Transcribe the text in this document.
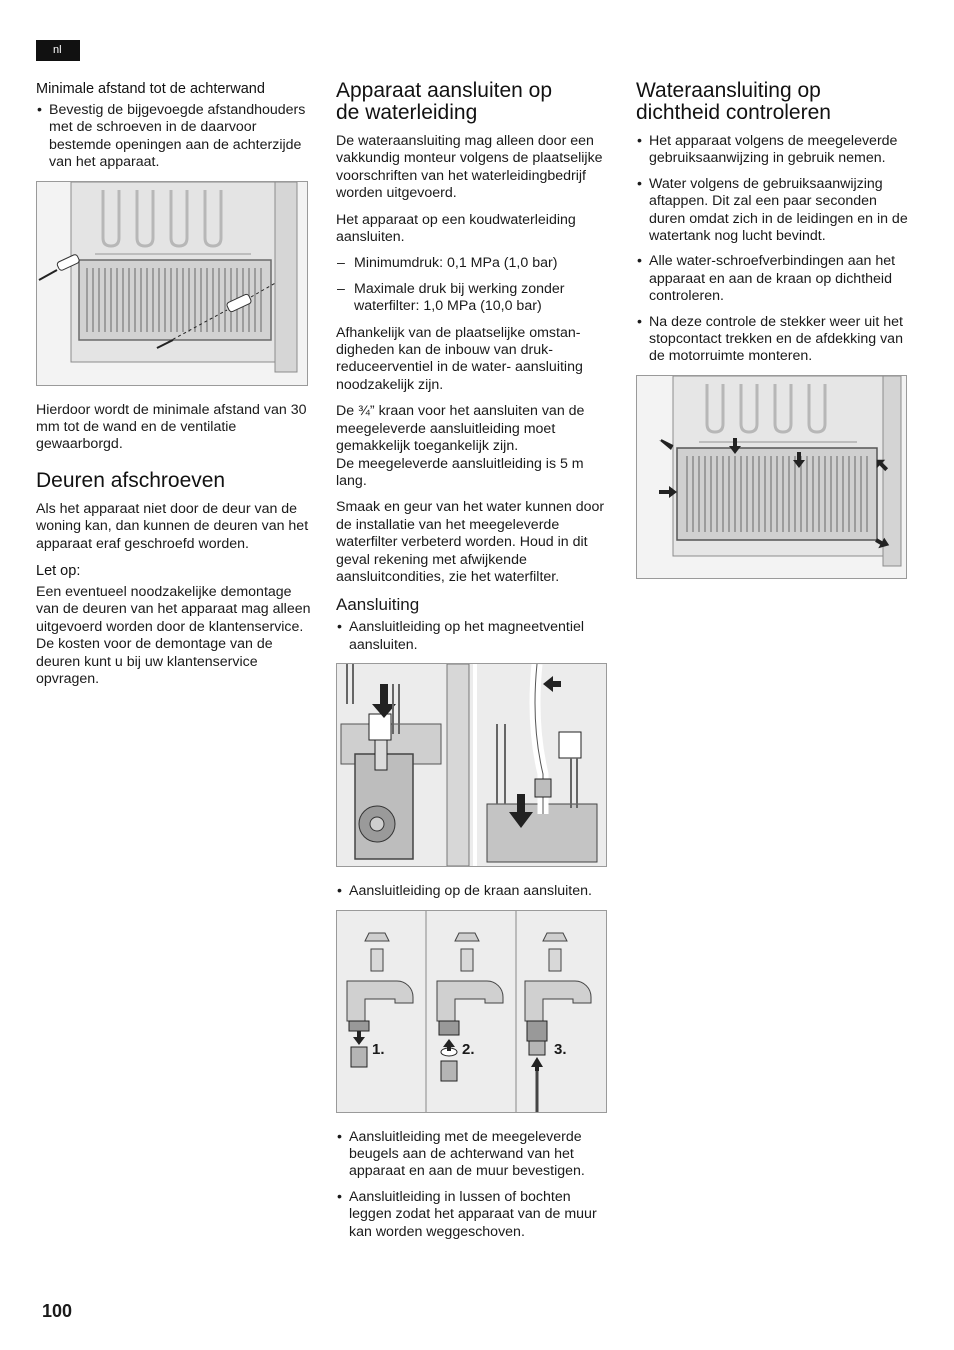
nl
Minimale afstand tot de achterwand
• Bevestig de bijgevoegde afstandhouders met de schroeven in de daarvoor bestemde openingen aan de achterzijde van het apparaat.

Hierdoor wordt de minimale afstand van 30 mm tot de wand en de ventilatie gewaarborgd.

Deuren afschroeven

Als het apparaat niet door de deur van de woning kan, dan kunnen de deuren van het apparaat eraf geschroefd worden.

Let op:

Een eventueel noodzakelijke demontage van de deuren van het apparaat mag alleen uitgevoerd worden door de klantenservice. De kosten voor de demontage van de deuren kunt u bij uw klantenservice opvragen.

Apparaat aansluiten op de waterleiding

De wateraansluiting mag alleen door een vakkundig monteur volgens de plaatselijke voorschriften van het waterleidingbedrijf worden uitgevoerd.

Het apparaat op een koudwaterleiding aansluiten.

– Minimumdruk: 0,1 MPa (1,0 bar)
– Maximale druk bij werking zonder waterfilter: 1,0 MPa (10,0 bar)

Afhankelijk van de plaatselijke omstandigheden kan de inbouw van drukreduceerventiel in de water- aansluiting noodzakelijk zijn.

De ¾” kraan voor het aansluiten van de meegeleverde aansluitleiding moet gemakkelijk toegankelijk zijn.
De meegeleverde aansluitleiding is 5 m lang.

Smaak en geur van het water kunnen door de installatie van het meegeleverde waterfilter verbeterd worden. Houd in dit geval rekening met afwijkende aansluitcondities, zie het waterfilter.

Aansluiting
• Aansluitleiding op het magneetventiel aansluiten.
• Aansluitleiding op de kraan aansluiten.
1.	2.	3.
• Aansluitleiding met de meegeleverde beugels aan de achterwand van het apparaat en aan de muur bevestigen.
• Aansluitleiding in lussen of bochten leggen zodat het apparaat van de muur kan worden weggeschoven.
Wateraansluiting op dichtheid controleren
• Het apparaat volgens de meegeleverde gebruiksaanwijzing in gebruik nemen.
• Water volgens de gebruiksaanwijzing aftappen. Dit zal een paar seconden duren omdat zich in de leidingen en in de watertank nog lucht bevindt.
• Alle water-schroefverbindingen aan het apparaat en aan de kraan op dichtheid controleren.
• Na deze controle de stekker weer uit het stopcontact trekken en de afdekking van de motorruimte monteren.
100
